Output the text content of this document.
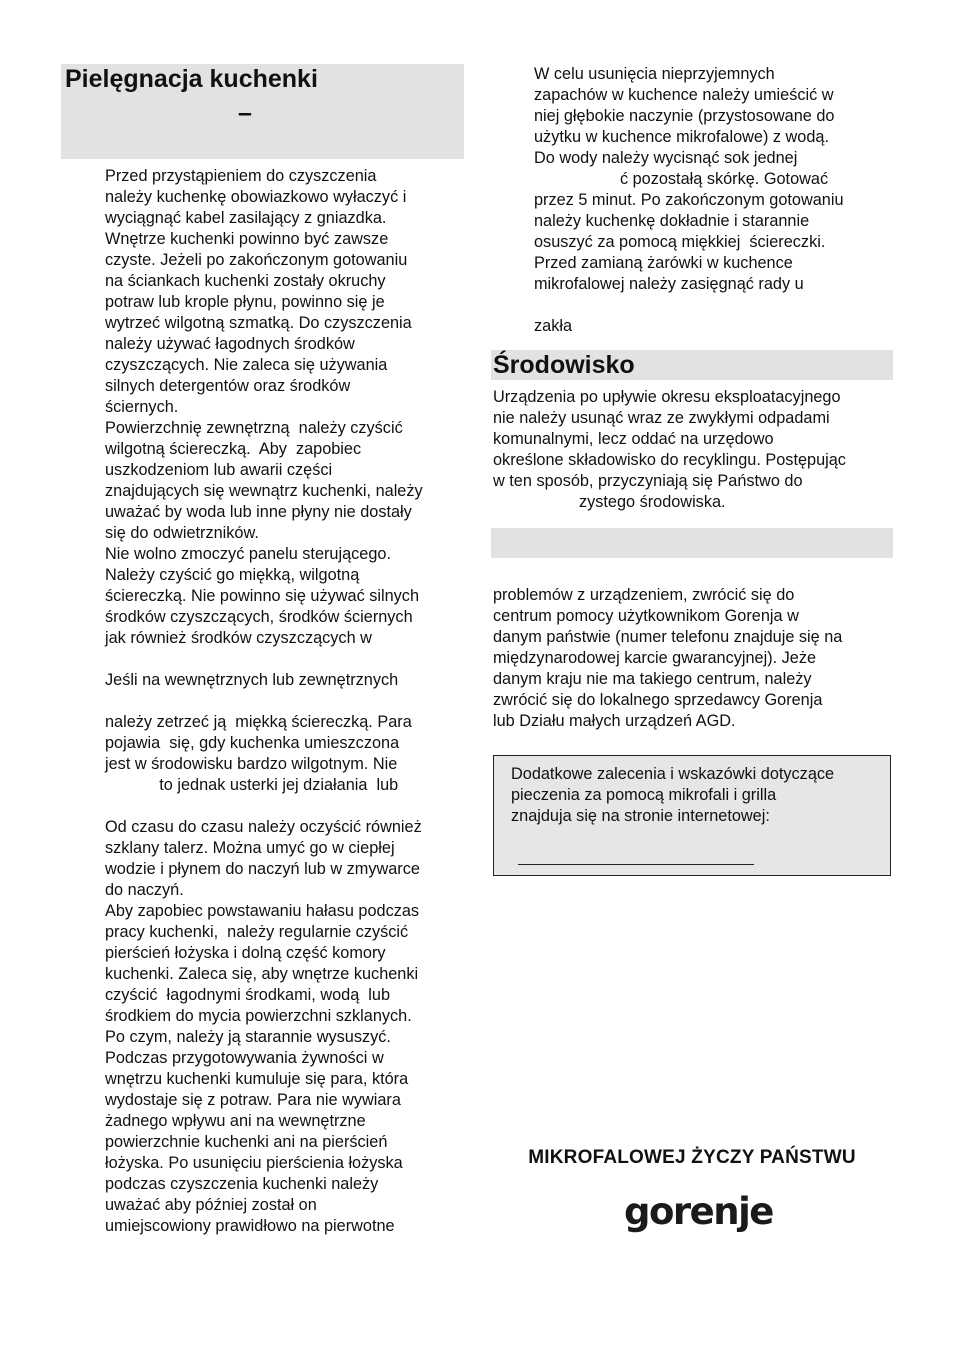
Pielęgnacja kuchenki
–
Przed przystąpieniem do czyszczenia
należy kuchenkę obowiazkowo wyłaczyć i
wyciągnąć kabel zasilający z gniazdka.
Wnętrze kuchenki powinno być zawsze
czyste. Jeżeli po zakończonym gotowaniu
na ściankach kuchenki zostały okruchy
potraw lub krople płynu, powinno się je
wytrzeć wilgotną szmatką. Do czyszczenia
należy używać łagodnych środków
czyszczących. Nie zaleca się używania
silnych detergentów oraz środków
ściernych.
Powierzchnię zewnętrzną  należy czyścić
wilgotną ściereczką.  Aby  zapobiec
uszkodzeniom lub awarii części
znajdujących się wewnątrz kuchenki, należy
uważać by woda lub inne płyny nie dostały
się do odwietrzników.
Nie wolno zmoczyć panelu sterującego.
Należy czyścić go miękką, wilgotną
ściereczką. Nie powinno się używać silnych
środków czyszczących, środków ściernych
jak również środków czyszczących w
Jeśli na wewnętrznych lub zewnętrznych
należy zetrzeć ją  miękką ściereczką. Para
pojawia  się, gdy kuchenka umieszczona
jest w środowisku bardzo wilgotnym. Nie
to jednak usterki jej działania  lub
Od czasu do czasu należy oczyścić również
szklany talerz. Można umyć go w ciepłej
wodzie i płynem do naczyń lub w zmywarce
do naczyń.
Aby zapobiec powstawaniu hałasu podczas
pracy kuchenki,  należy regularnie czyścić
pierścień łożyska i dolną część komory
kuchenki. Zaleca się, aby wnętrze kuchenki
czyścić  łagodnymi środkami, wodą  lub
środkiem do mycia powierzchni szklanych.
Po czym, należy ją starannie wysuszyć.
Podczas przygotowywania żywności w
wnętrzu kuchenki kumuluje się para, która
wydostaje się z potraw. Para nie wywiara
żadnego wpływu ani na wewnętrzne
powierzchnie kuchenki ani na pierścień
łożyska. Po usunięciu pierścienia łożyska
podczas czyszczenia kuchenki należy
uważać aby później został on
umiejscowiony prawidłowo na pierwotne
W celu usunięcia nieprzyjemnych
zapachów w kuchence należy umieścić w
niej głębokie naczynie (przystosowane do
użytku w kuchence mikrofalowe) z wodą.
Do wody należy wycisnąć sok jednej
ć pozostałą skórkę. Gotować
przez 5 minut. Po zakończonym gotowaniu
należy kuchenkę dokładnie i starannie
osuszyć za pomocą miękkiej  ściereczki.
Przed zamianą żarówki w kuchence
mikrofalowej należy zasięgnąć rady u
zakła
Środowisko
Urządzenia po upływie okresu eksploatacyjnego
nie należy usunąć wraz ze zwykłymi odpadami
komunalnymi, lecz oddać na urzędowo
określone składowisko do recyklingu. Postępując
w ten sposób, przyczyniają się Państwo do
zystego środowiska.
problemów z urządzeniem, zwrócić się do
centrum pomocy użytkownikom Gorenja w
danym państwie (numer telefonu znajduje się na
międzynarodowej karcie gwarancyjnej). Jeże
danym kraju nie ma takiego centrum, należy
zwrócić się do lokalnego sprzedawcy Gorenja
lub Działu małych urządzeń AGD.
Dodatkowe zalecenia i wskazówki dotyczące
pieczenia za pomocą mikrofali i grilla
znajduja się na stronie internetowej:
MIKROFALOWEJ ŻYCZY PAŃSTWU
gorenje
